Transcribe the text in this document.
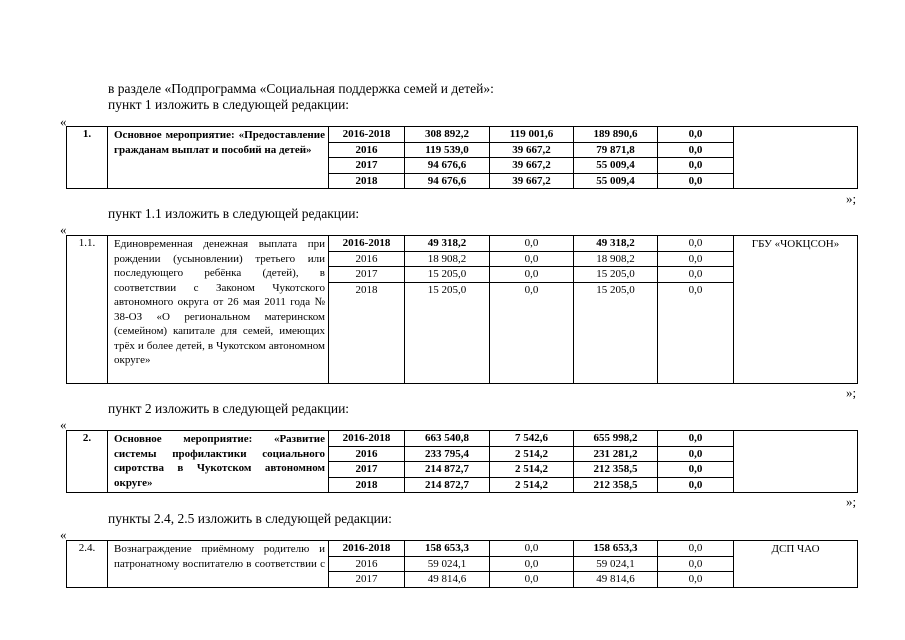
в разделе «Подпрограмма «Социальная поддержка семей и детей»:
пункт 1 изложить в следующей редакции:
«
1.	Основное мероприятие: «Предоставление гражданам выплат и пособий на детей»	2016-2018	308 892,2	119 001,6	189 890,6	0,0	
		2016	119 539,0	39 667,2	79 871,8	0,0	
		2017	94 676,6	39 667,2	55 009,4	0,0	
		2018	94 676,6	39 667,2	55 009,4	0,0	
»;
пункт 1.1 изложить в следующей редакции:
«
1.1.	Единовременная денежная выплата при рождении (усыновлении) третьего или последующего ребёнка (детей), в соответствии с Законом Чукотского автономного округа от 26 мая 2011 года № 38-ОЗ «О региональном материнском (семейном) капитале для семей, имеющих трёх и более детей, в Чукотском автономном округе»	2016-2018	49 318,2	0,0	49 318,2	0,0	ГБУ «ЧОКЦСОН»
		2016	18 908,2	0,0	18 908,2	0,0	
		2017	15 205,0	0,0	15 205,0	0,0	
		2018	15 205,0	0,0	15 205,0	0,0	
»;
пункт 2 изложить в следующей редакции:
«
2.	Основное мероприятие: «Развитие системы профилактики социального сиротства в Чукотском автономном округе»	2016-2018	663 540,8	7 542,6	655 998,2	0,0	
		2016	233 795,4	2 514,2	231 281,2	0,0	
		2017	214 872,7	2 514,2	212 358,5	0,0	
		2018	214 872,7	2 514,2	212 358,5	0,0	
»;
пункты 2.4, 2.5 изложить в следующей редакции:
«
2.4.	Вознаграждение приёмному родителю и патронатному воспитателю в соответствии с	2016-2018	158 653,3	0,0	158 653,3	0,0	ДСП ЧАО
		2016	59 024,1	0,0	59 024,1	0,0	
		2017	49 814,6	0,0	49 814,6	0,0	
